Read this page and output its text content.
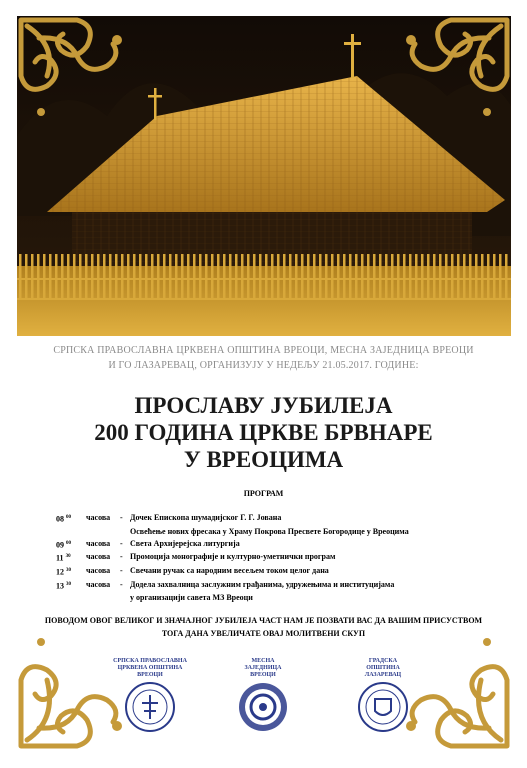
СРПСКА ПРАВОСЛАВНА ЦРКВЕНА ОПШТИНА ВРЕОЦИ, МЕСНА ЗАЈЕДНИЦА ВРЕОЦИ
И ГО ЛАЗАРЕВАЦ, ОРГАНИЗУЈУ У НЕДЕЉУ 21.05.2017. ГОДИНЕ:
ПРОСЛАВУ ЈУБИЛЕЈА
200 ГОДИНА ЦРКВЕ БРВНАРЕ
У ВРЕОЦИМА
ПРОГРАМ
08 $^{00}$	часова	- Дочек Епископа шумадијског Г. Г. Јована
Освећење нових фресака у Храму Покрова Пресвете Богородице у Вреоцима
09 $^{00}$	часова	- Света Архијерејска литургија
11 $^{30}$	часова	- Промоција монографије и културно-уметнички програм
12 $^{30}$	часова	- Свечани ручак са народним весељем током целог дана
13 $^{30}$	часова	- Додела захвалница заслужним грађанима, удружењима и институцијама
у организацији савета МЗ Вреоци
ПОВОДОМ ОВОГ ВЕЛИКОГ И ЗНАЧАЈНОГ ЈУБИЛЕЈА ЧАСТ НАМ ЈЕ ПОЗВАТИ ВАС ДА ВАШИМ ПРИСУСТВОМ
ТОГА ДАНА УВЕЛИЧАТЕ ОВАЈ МОЛИТВЕНИ СКУП
СРПСКА ПРАВОСЛАВНА
ЦРКВЕНА ОПШТИНА
ВРЕОЦИ
МЕСНА
ЗАЈЕДНИЦА
ВРЕОЦИ
ГРАДСКА
ОПШТИНА
ЛАЗАРЕВАЦ
